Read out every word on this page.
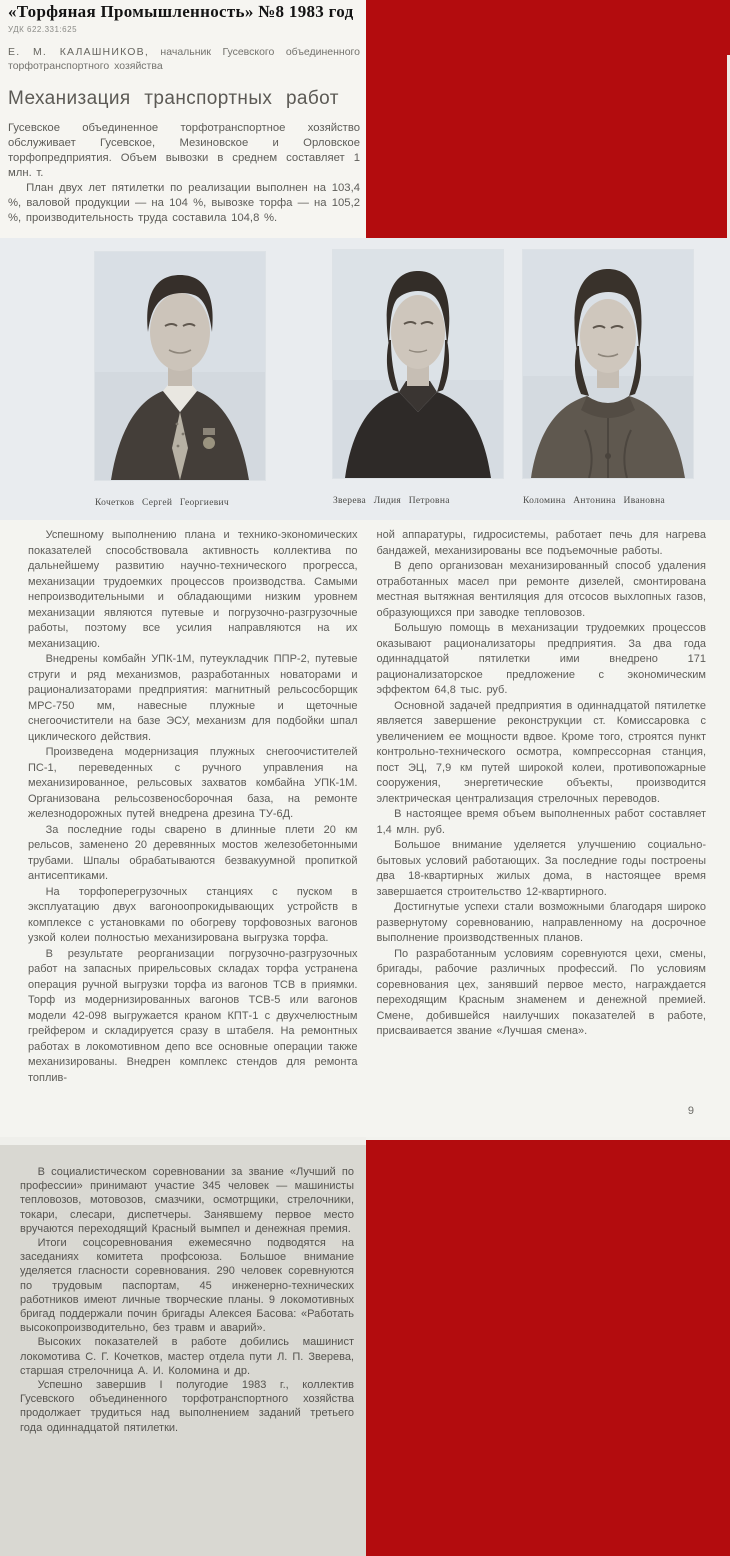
«Торфяная Промышленность» №8 1983 год
УДК 622.331:625
Е. М. КАЛАШНИКОВ, начальник Гусевского объединенного торфотранспортного хозяйства
Механизация транспортных работ

Гусевское объединенное торфотранспортное хозяйство обслуживает Гусевское, Мезиновское и Орловское торфопредприятия. Объем вывозки в среднем составляет 1 млн. т.

План двух лет пятилетки по реализации выполнен на 103,4 %, валовой продукции — на 104 %, вывозке торфа — на 105,2 %, производительность труда составила 104,8 %.

Кочетков Сергей Георгиевич	Зверева Лидия Петровна	Коломина Антонина Ивановна

Успешному выполнению плана и технико-экономических показателей способствовала активность коллектива по дальнейшему развитию научно-технического прогресса, механизации трудоемких процессов производства. Самыми непроизводительными и обладающими низким уровнем механизации являются путевые и погрузочно-разгрузочные работы, поэтому все усилия направляются на их механизацию.

Внедрены комбайн УПК-1М, путеукладчик ППР-2, путевые струги и ряд механизмов, разработанных новаторами и рационализаторами предприятия: магнитный рельсосборщик МРС-750 мм, навесные плужные и щеточные снегоочистители на базе ЭСУ, механизм для подбойки шпал циклического действия.

Произведена модернизация плужных снегоочистителей ПС-1, переведенных с ручного управления на механизированное, рельсовых захватов комбайна УПК-1М. Организована рельсозвеносборочная база, на ремонте железнодорожных путей внедрена дрезина ТУ-6Д.

За последние годы сварено в длинные плети 20 км рельсов, заменено 20 деревянных мостов железобетонными трубами. Шпалы обрабатываются безвакуумной пропиткой антисептиками.

На торфоперегрузочных станциях с пуском в эксплуатацию двух вагоноопрокидывающих устройств в комплексе с установками по обогреву торфовозных вагонов узкой колеи полностью механизирована выгрузка торфа.

В результате реорганизации погрузочно-разгрузочных работ на запасных прирельсовых складах торфа устранена операция ручной выгрузки торфа из вагонов ТСВ в приямки. Торф из модернизированных вагонов ТСВ-5 или вагонов модели 42-098 выгружается краном КПТ-1 с двухчелюстным грейфером и складируется сразу в штабеля. На ремонтных работах в локомотивном депо все основные операции также механизированы. Внедрен комплекс стендов для ремонта топлив-

ной аппаратуры, гидросистемы, работает печь для нагрева бандажей, механизированы все подъемочные работы.

В депо организован механизированный способ удаления отработанных масел при ремонте дизелей, смонтирована местная вытяжная вентиляция для отсосов выхлопных газов, образующихся при заводке тепловозов.

Большую помощь в механизации трудоемких процессов оказывают рационализаторы предприятия. За два года одиннадцатой пятилетки ими внедрено 171 рационализаторское предложение с экономическим эффектом 64,8 тыс. руб.

Основной задачей предприятия в одиннадцатой пятилетке является завершение реконструкции ст. Комиссаровка с увеличением ее мощности вдвое. Кроме того, строятся пункт контрольно-технического осмотра, компрессорная станция, пост ЭЦ, 7,9 км путей широкой колеи, противопожарные сооружения, энергетические объекты, производится электрическая централизация стрелочных переводов.

В настоящее время объем выполненных работ составляет 1,4 млн. руб.

Большое внимание уделяется улучшению социально-бытовых условий работающих. За последние годы построены два 18-квартирных жилых дома, в настоящее время завершается строительство 12-квартирного.

Достигнутые успехи стали возможными благодаря широко развернутому соревнованию, направленному на досрочное выполнение производственных планов.

По разработанным условиям соревнуются цехи, смены, бригады, рабочие различных профессий. По условиям соревнования цех, занявший первое место, награждается переходящим Красным знаменем и денежной премией. Смене, добившейся наилучших показателей в работе, присваивается звание «Лучшая смена».

9

В социалистическом соревновании за звание «Лучший по профессии» принимают участие 345 человек — машинисты тепловозов, мотовозов, смазчики, осмотрщики, стрелочники, токари, слесари, диспетчеры. Занявшему первое место вручаются переходящий Красный вымпел и денежная премия.

Итоги соцсоревнования ежемесячно подводятся на заседаниях комитета профсоюза. Большое внимание уделяется гласности соревнования. 290 человек соревнуются по трудовым паспортам, 45 инженерно-технических работников имеют личные творческие планы. 9 локомотивных бригад поддержали почин бригады Алексея Басова: «Работать высокопроизводительно, без травм и аварий».

Высоких показателей в работе добились машинист локомотива С. Г. Кочетков, мастер отдела пути Л. П. Зверева, старшая стрелочница А. И. Коломина и др.

Успешно завершив I полугодие 1983 г., коллектив Гусевского объединенного торфотранспортного хозяйства продолжает трудиться над выполнением заданий третьего года одиннадцатой пятилетки.
